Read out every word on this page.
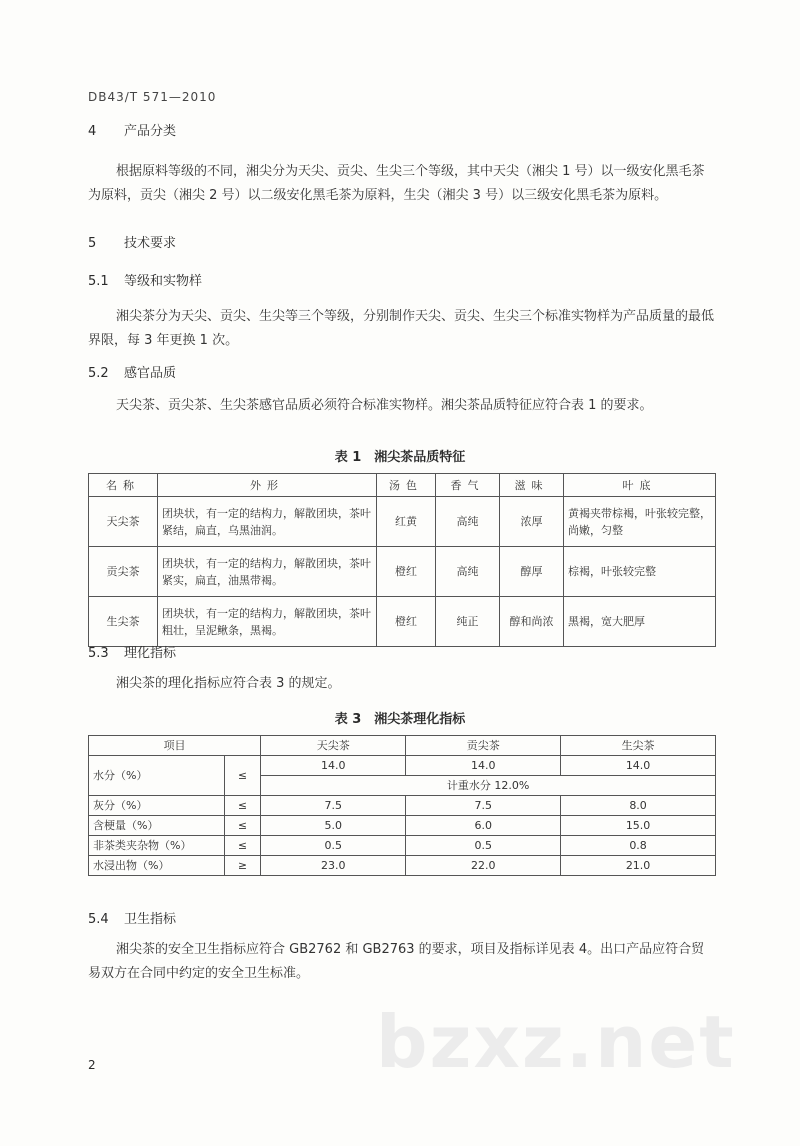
DB43/T 571—2010
4 产品分类
根据原料等级的不同，湘尖分为天尖、贡尖、生尖三个等级，其中天尖（湘尖 1 号）以一级安化黑毛茶为原料，贡尖（湘尖 2 号）以二级安化黑毛茶为原料，生尖（湘尖 3 号）以三级安化黑毛茶为原料。
5 技术要求
5.1 等级和实物样
湘尖茶分为天尖、贡尖、生尖等三个等级，分别制作天尖、贡尖、生尖三个标准实物样为产品质量的最低界限，每 3 年更换 1 次。
5.2 感官品质
天尖茶、贡尖茶、生尖茶感官品质必须符合标准实物样。湘尖茶品质特征应符合表 1 的要求。
表 1　湘尖茶品质特征
名称	外形	汤色	香气	滋味	叶底
天尖茶	团块状，有一定的结构力，解散团块，茶叶紧结，扁直，乌黑油润。	红黄	高纯	浓厚	黄褐夹带棕褐，叶张较完整，尚嫩，匀整
贡尖茶	团块状，有一定的结构力，解散团块，茶叶紧实，扁直，油黑带褐。	橙红	高纯	醇厚	棕褐，叶张较完整
生尖茶	团块状，有一定的结构力，解散团块，茶叶粗壮，呈泥鳅条，黑褐。	橙红	纯正	醇和尚浓	黑褐，宽大肥厚
5.3 理化指标
湘尖茶的理化指标应符合表 3 的规定。
表 3　湘尖茶理化指标
项目		天尖茶	贡尖茶	生尖茶
水分（%）	≤	14.0	14.0	14.0
		计重水分 12.0%		
灰分（%）	≤	7.5	7.5	8.0
含梗量（%）	≤	5.0	6.0	15.0
非茶类夹杂物（%）	≤	0.5	0.5	0.8
水浸出物（%）	≥	23.0	22.0	21.0
5.4 卫生指标
湘尖茶的安全卫生指标应符合 GB2762 和 GB2763 的要求，项目及指标详见表 4。出口产品应符合贸易双方在合同中约定的安全卫生标准。
bzxz.net
2
